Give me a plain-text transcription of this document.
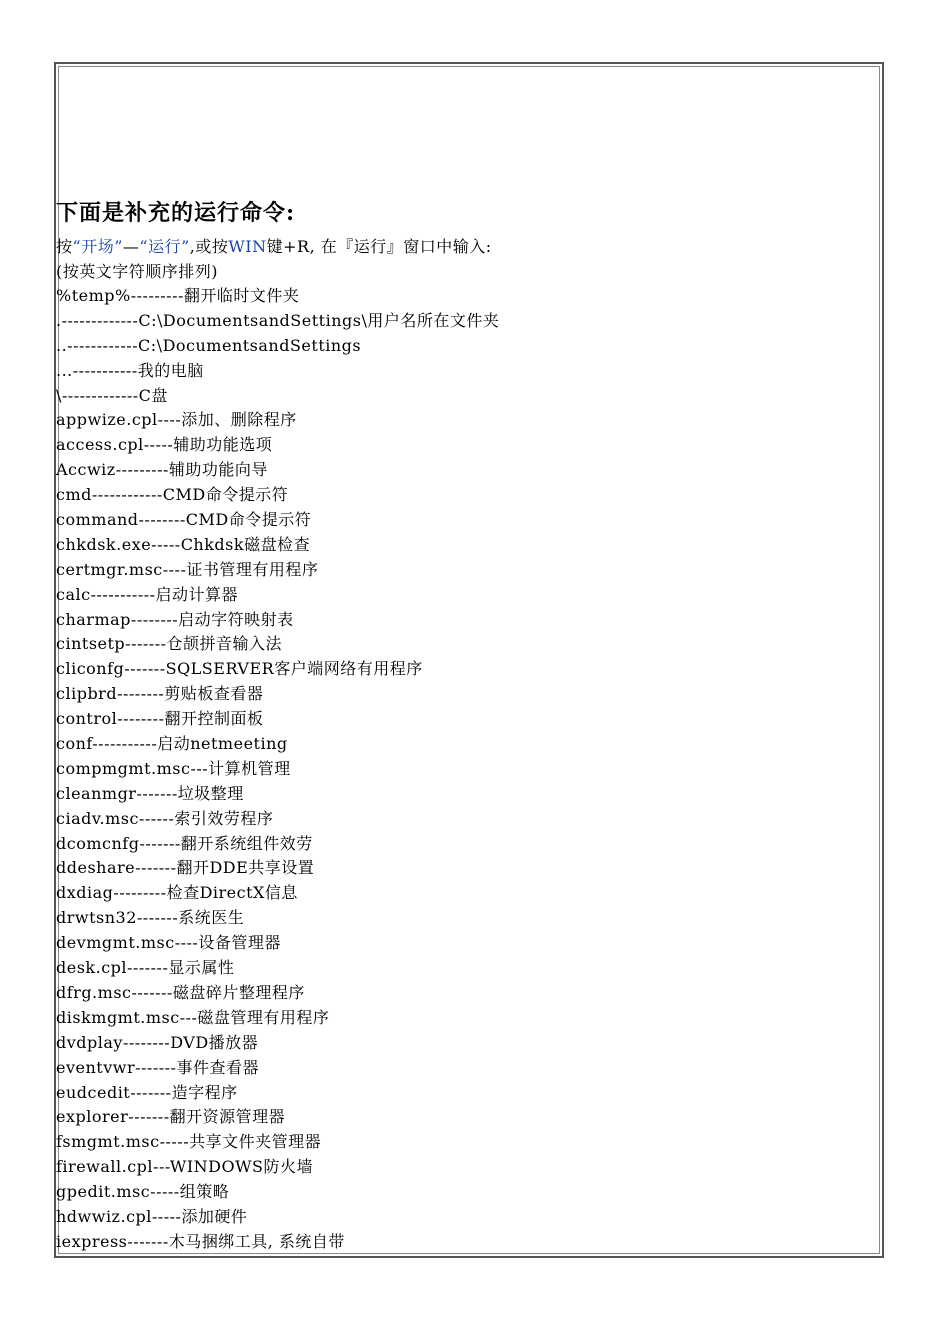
下面是补充的运行命令:
按“开场”—“运行”,或按WIN键+R, 在『运行』窗口中输入:
(按英文字符顺序排列)
%temp%---------翻开临时文件夹
.-------------C:\DocumentsandSettings\用户名所在文件夹
..------------C:\DocumentsandSettings
...-----------我的电脑
\-------------C盘
appwize.cpl----添加、删除程序
access.cpl-----辅助功能选项
Accwiz---------辅助功能向导
cmd------------CMD命令提示符
command--------CMD命令提示符
chkdsk.exe-----Chkdsk磁盘检查
certmgr.msc----证书管理有用程序
calc-----------启动计算器
charmap--------启动字符映射表
cintsetp-------仓颉拼音输入法
cliconfg-------SQLSERVER客户端网络有用程序
clipbrd--------剪贴板查看器
control--------翻开控制面板
conf-----------启动netmeeting
compmgmt.msc---计算机管理
cleanmgr-------垃圾整理
ciadv.msc------索引效劳程序
dcomcnfg-------翻开系统组件效劳
ddeshare-------翻开DDE共享设置
dxdiag---------检查DirectX信息
drwtsn32-------系统医生
devmgmt.msc----设备管理器
desk.cpl-------显示属性
dfrg.msc-------磁盘碎片整理程序
diskmgmt.msc---磁盘管理有用程序
dvdplay--------DVD播放器
eventvwr-------事件查看器
eudcedit-------造字程序
explorer-------翻开资源管理器
fsmgmt.msc-----共享文件夹管理器
firewall.cpl---WINDOWS防火墙
gpedit.msc-----组策略
hdwwiz.cpl-----添加硬件
iexpress-------木马捆绑工具, 系统自带
